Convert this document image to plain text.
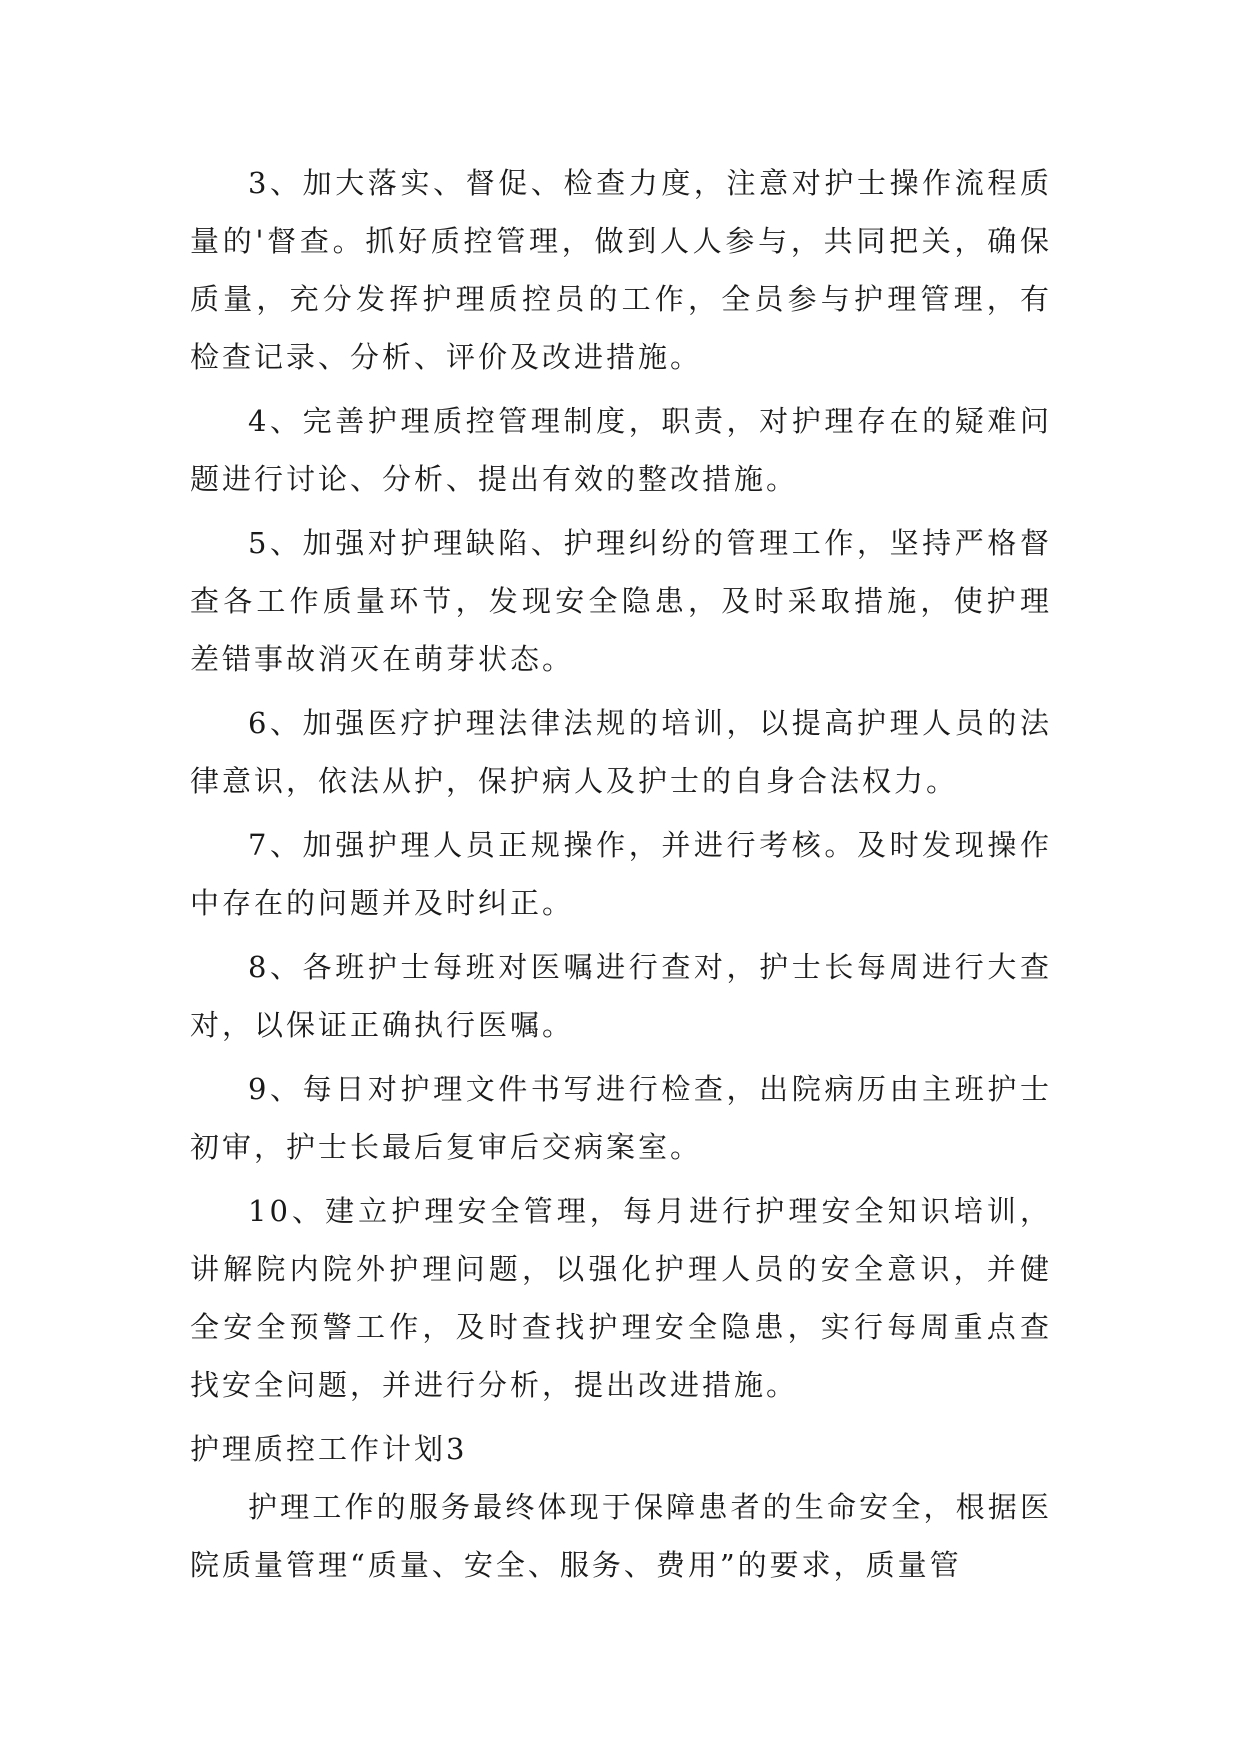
3、加大落实、督促、检查力度，注意对护士操作流程质量的'督查。抓好质控管理，做到人人参与，共同把关，确保质量，充分发挥护理质控员的工作，全员参与护理管理，有检查记录、分析、评价及改进措施。

4、完善护理质控管理制度，职责，对护理存在的疑难问题进行讨论、分析、提出有效的整改措施。

5、加强对护理缺陷、护理纠纷的管理工作，坚持严格督查各工作质量环节，发现安全隐患，及时采取措施，使护理差错事故消灭在萌芽状态。

6、加强医疗护理法律法规的培训，以提高护理人员的法律意识，依法从护，保护病人及护士的自身合法权力。

7、加强护理人员正规操作，并进行考核。及时发现操作中存在的问题并及时纠正。

8、各班护士每班对医嘱进行查对，护士长每周进行大查对，以保证正确执行医嘱。

9、每日对护理文件书写进行检查，出院病历由主班护士初审，护士长最后复审后交病案室。

10、建立护理安全管理，每月进行护理安全知识培训，讲解院内院外护理问题，以强化护理人员的安全意识，并健全安全预警工作，及时查找护理安全隐患，实行每周重点查找安全问题，并进行分析，提出改进措施。

护理质控工作计划3

护理工作的服务最终体现于保障患者的生命安全，根据医院质量管理“质量、安全、服务、费用”的要求，质量管
